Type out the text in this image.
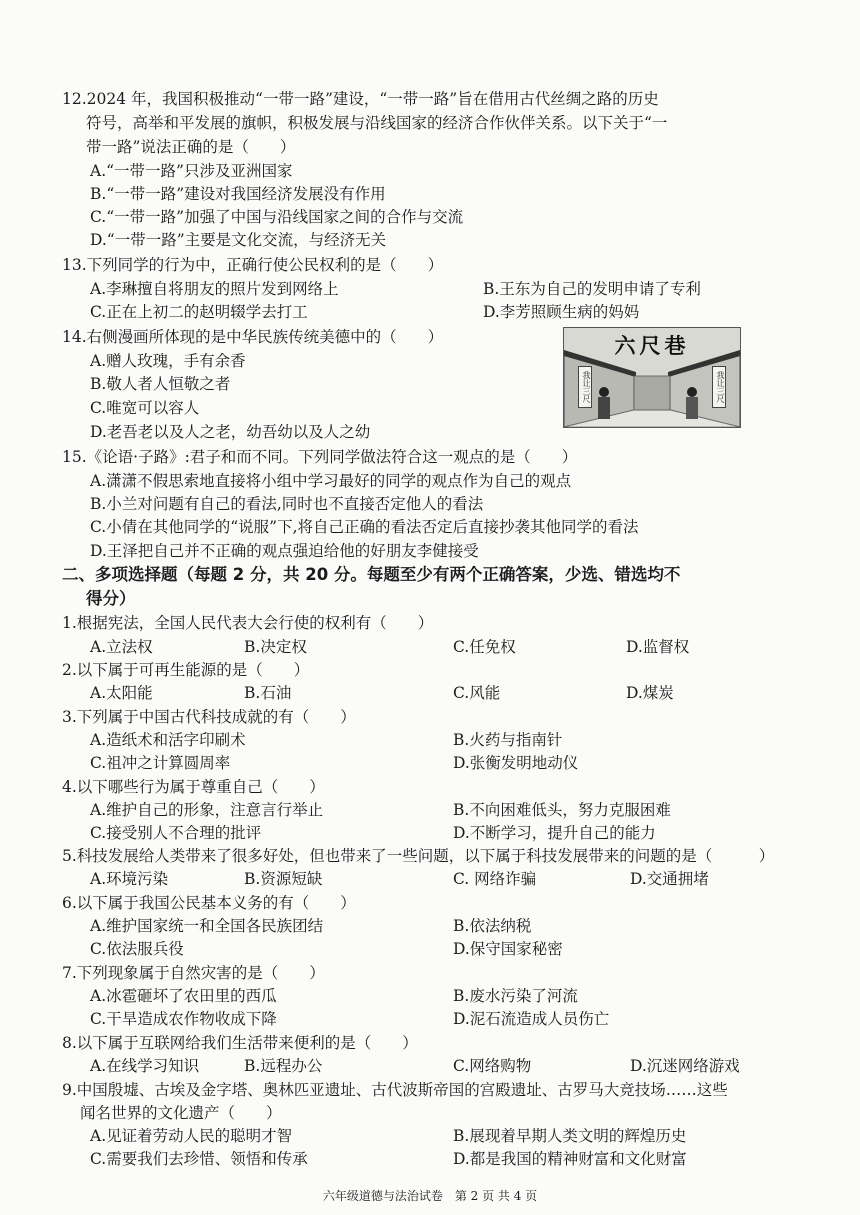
12.2024 年，我国积极推动“一带一路”建设，“一带一路”旨在借用古代丝绸之路的历史
符号，高举和平发展的旗帜，积极发展与沿线国家的经济合作伙伴关系。以下关于“一
带一路”说法正确的是（　　）
A.“一带一路”只涉及亚洲国家
B.“一带一路”建设对我国经济发展没有作用
C.“一带一路”加强了中国与沿线国家之间的合作与交流
D.“一带一路”主要是文化交流，与经济无关
13.下列同学的行为中，正确行使公民权利的是（　　）
A.李琳擅自将朋友的照片发到网络上	B.王东为自己的发明申请了专利
C.正在上初二的赵明辍学去打工	D.李芳照顾生病的妈妈
14.右侧漫画所体现的是中华民族传统美德中的（　　）
A.赠人玫瑰，手有余香
B.敬人者人恒敬之者
C.唯宽可以容人
D.老吾老以及人之老，幼吾幼以及人之幼
六尺巷
我让三尺	我让三尺
15.《论语·子路》:君子和而不同。下列同学做法符合这一观点的是（　　）
A.潇潇不假思索地直接将小组中学习最好的同学的观点作为自己的观点
B.小兰对问题有自己的看法,同时也不直接否定他人的看法
C.小倩在其他同学的“说服”下,将自己正确的看法否定后直接抄袭其他同学的看法
D.王泽把自己并不正确的观点强迫给他的好朋友李健接受
二、多项选择题（每题 2 分，共 20 分。每题至少有两个正确答案，少选、错选均不
得分）
1.根据宪法，全国人民代表大会行使的权利有（　　）
A.立法权	B.决定权	C.任免权	D.监督权
2.以下属于可再生能源的是（　　）
A.太阳能	B.石油	C.风能	D.煤炭
3.下列属于中国古代科技成就的有（　　）
A.造纸术和活字印刷术	B.火药与指南针
C.祖冲之计算圆周率	D.张衡发明地动仪
4.以下哪些行为属于尊重自己（　　）
A.维护自己的形象，注意言行举止	B.不向困难低头，努力克服困难
C.接受别人不合理的批评	D.不断学习，提升自己的能力
5.科技发展给人类带来了很多好处，但也带来了一些问题，以下属于科技发展带来的问题的是（　　　）
A.环境污染	B.资源短缺	C. 网络诈骗	D.交通拥堵
6.以下属于我国公民基本义务的有（　　）
A.维护国家统一和全国各民族团结	B.依法纳税
C.依法服兵役	D.保守国家秘密
7.下列现象属于自然灾害的是（　　）
A.冰雹砸坏了农田里的西瓜	B.废水污染了河流
C.干旱造成农作物收成下降	D.泥石流造成人员伤亡
8.以下属于互联网给我们生活带来便利的是（　　）
A.在线学习知识	B.远程办公	C.网络购物	D.沉迷网络游戏
9.中国殷墟、古埃及金字塔、奥林匹亚遗址、古代波斯帝国的宫殿遗址、古罗马大竞技场……这些
闻名世界的文化遗产（　　）
A.见证着劳动人民的聪明才智	B.展现着早期人类文明的辉煌历史
C.需要我们去珍惜、领悟和传承	D.都是我国的精神财富和文化财富
六年级道德与法治试卷　第 2 页 共 4 页
